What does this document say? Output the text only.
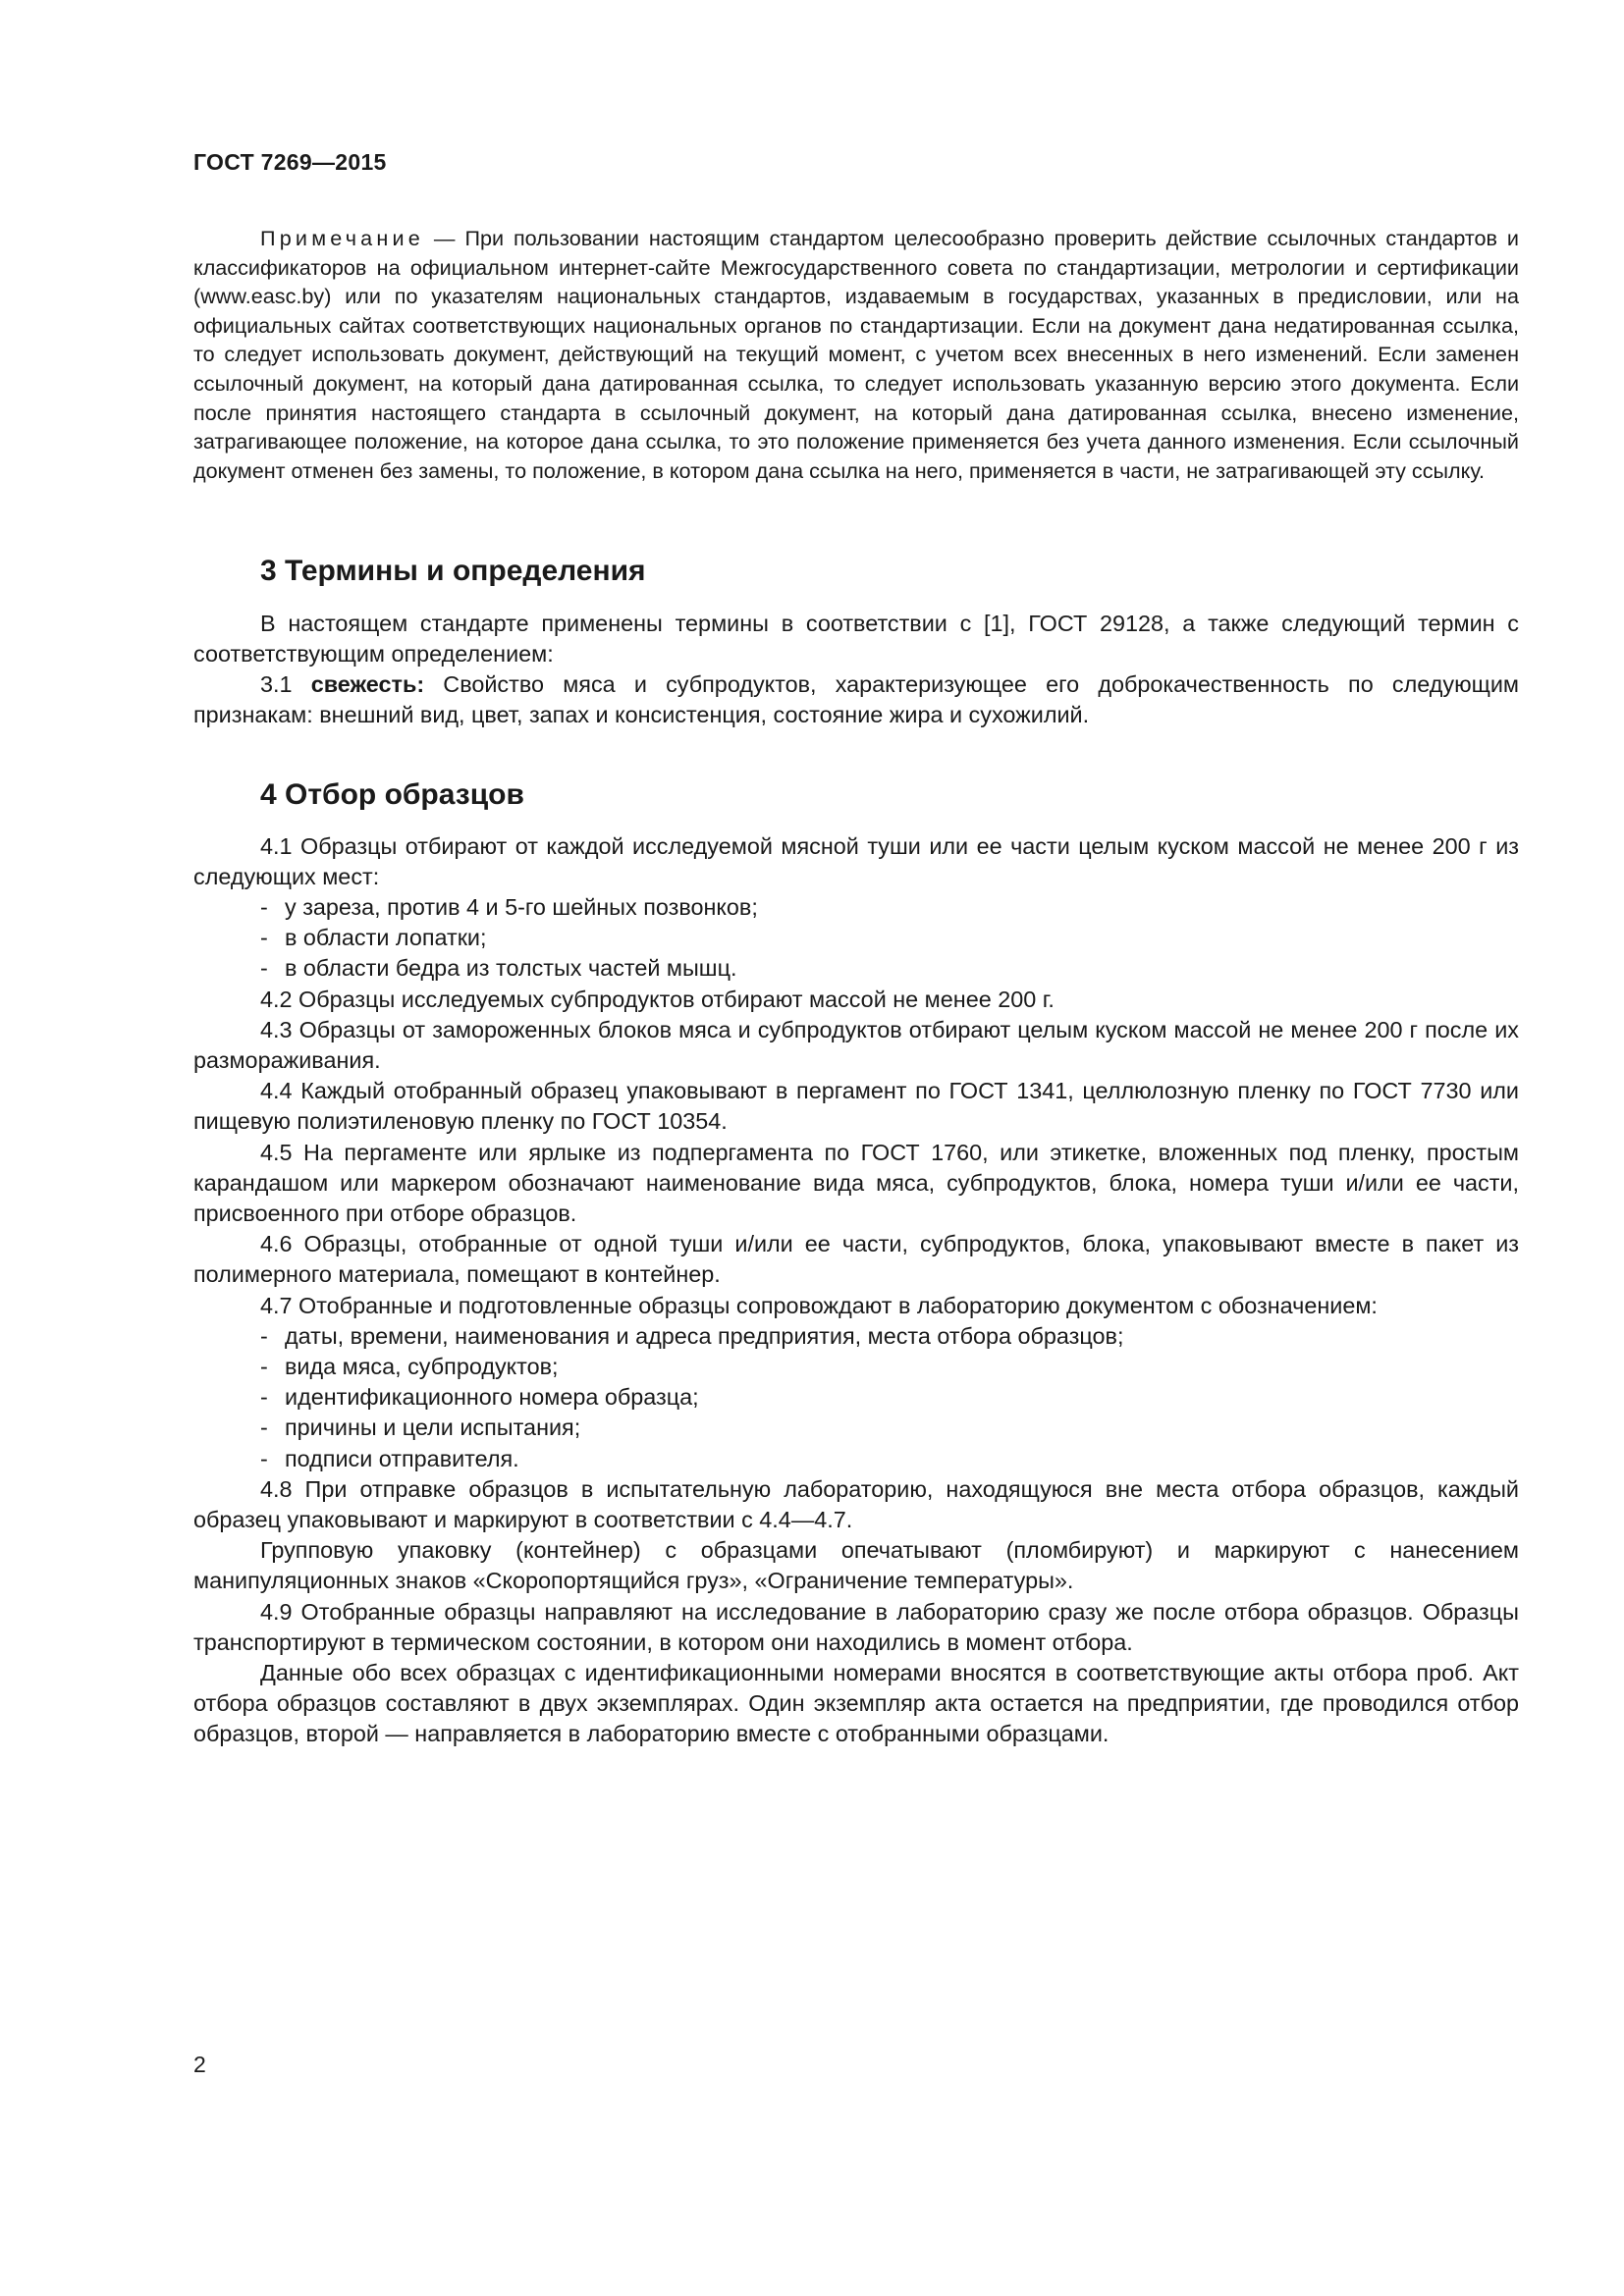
ГОСТ 7269—2015

Примечание — При пользовании настоящим стандартом целесообразно проверить действие ссылочных стандартов и классификаторов на официальном интернет-сайте Межгосударственного совета по стандартизации, метрологии и сертификации (www.easc.by) или по указателям национальных стандартов, издаваемым в государствах, указанных в предисловии, или на официальных сайтах соответствующих национальных органов по стандартизации. Если на документ дана недатированная ссылка, то следует использовать документ, действующий на текущий момент, с учетом всех внесенных в него изменений. Если заменен ссылочный документ, на который дана датированная ссылка, то следует использовать указанную версию этого документа. Если после принятия настоящего стандарта в ссылочный документ, на который дана датированная ссылка, внесено изменение, затрагивающее положение, на которое дана ссылка, то это положение применяется без учета данного изменения. Если ссылочный документ отменен без замены, то положение, в котором дана ссылка на него, применяется в части, не затрагивающей эту ссылку.

3 Термины и определения

В настоящем стандарте применены термины в соответствии с [1], ГОСТ 29128, а также следующий термин с соответствующим определением:

3.1 свежесть: Свойство мяса и субпродуктов, характеризующее его доброкачественность по следующим признакам: внешний вид, цвет, запах и консистенция, состояние жира и сухожилий.

4 Отбор образцов

4.1 Образцы отбирают от каждой исследуемой мясной туши или ее части целым куском массой не менее 200 г из следующих мест:

- у зареза, против 4 и 5-го шейных позвонков;
- в области лопатки;
- в области бедра из толстых частей мышц.

4.2 Образцы исследуемых субпродуктов отбирают массой не менее 200 г.

4.3 Образцы от замороженных блоков мяса и субпродуктов отбирают целым куском массой не менее 200 г после их размораживания.

4.4 Каждый отобранный образец упаковывают в пергамент по ГОСТ 1341, целлюлозную пленку по ГОСТ 7730 или пищевую полиэтиленовую пленку по ГОСТ 10354.

4.5 На пергаменте или ярлыке из подпергамента по ГОСТ 1760, или этикетке, вложенных под пленку, простым карандашом или маркером обозначают наименование вида мяса, субпродуктов, блока, номера туши и/или ее части, присвоенного при отборе образцов.

4.6 Образцы, отобранные от одной туши и/или ее части, субпродуктов, блока, упаковывают вместе в пакет из полимерного материала, помещают в контейнер.

4.7 Отобранные и подготовленные образцы сопровождают в лабораторию документом с обозначением:

- даты, времени, наименования и адреса предприятия, места отбора образцов;
- вида мяса, субпродуктов;
- идентификационного номера образца;
- причины и цели испытания;
- подписи отправителя.

4.8 При отправке образцов в испытательную лабораторию, находящуюся вне места отбора образцов, каждый образец упаковывают и маркируют в соответствии с 4.4—4.7.

Групповую упаковку (контейнер) с образцами опечатывают (пломбируют) и маркируют с нанесением манипуляционных знаков «Скоропортящийся груз», «Ограничение температуры».

4.9 Отобранные образцы направляют на исследование в лабораторию сразу же после отбора образцов. Образцы транспортируют в термическом состоянии, в котором они находились в момент отбора.

Данные обо всех образцах с идентификационными номерами вносятся в соответствующие акты отбора проб. Акт отбора образцов составляют в двух экземплярах. Один экземпляр акта остается на предприятии, где проводился отбор образцов, второй — направляется в лабораторию вместе с отобранными образцами.

2
